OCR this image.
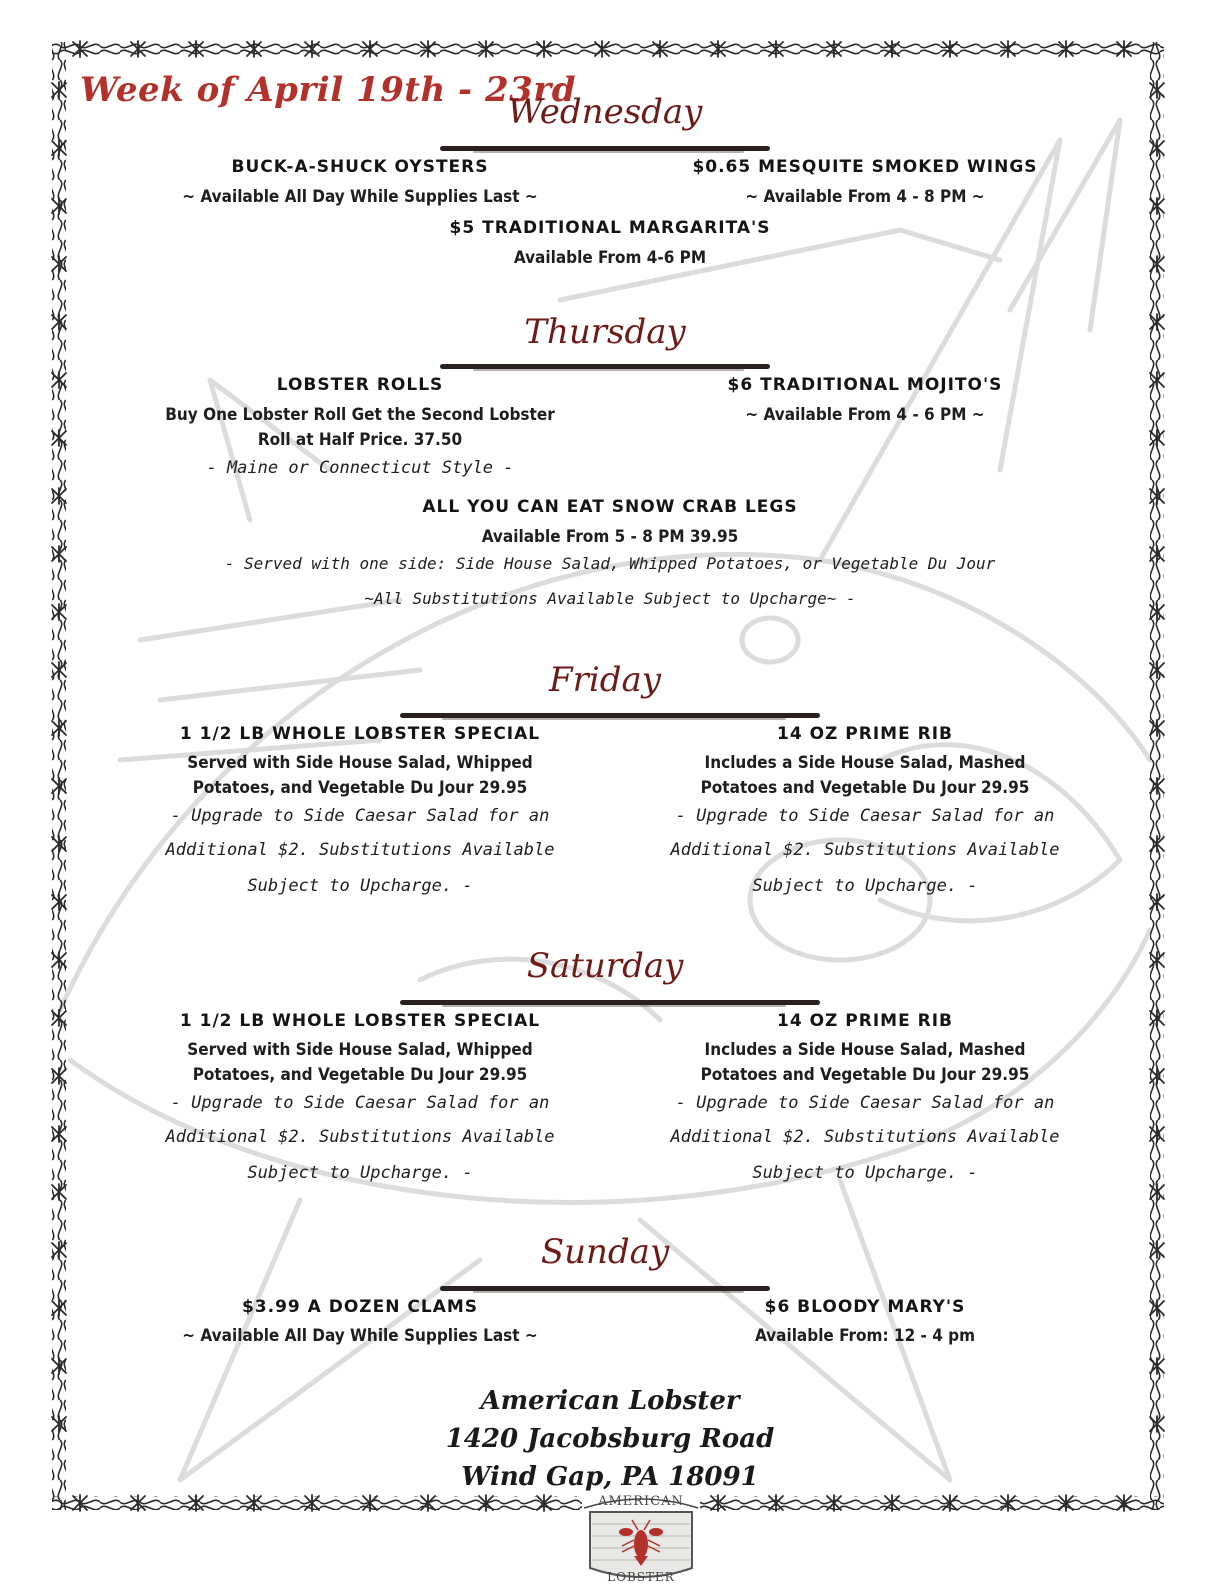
Week of April 19th - 23rd
Wednesday
BUCK-A-SHUCK OYSTERS
~ Available All Day While Supplies Last ~
$0.65 MESQUITE SMOKED WINGS
~ Available From 4 - 8 PM ~
$5 TRADITIONAL MARGARITA'S
Available From 4-6 PM
Thursday
LOBSTER ROLLS
Buy One Lobster Roll Get the Second Lobster
Roll at Half Price. 37.50
- Maine or Connecticut Style -
$6 TRADITIONAL MOJITO'S
~ Available From 4 - 6 PM ~
ALL YOU CAN EAT SNOW CRAB LEGS
Available From 5 - 8 PM 39.95
- Served with one side: Side House Salad, Whipped Potatoes, or Vegetable Du Jour
~All Substitutions Available Subject to Upcharge~ -
Friday
1 1/2 LB WHOLE LOBSTER SPECIAL
Served with Side House Salad, Whipped
Potatoes, and Vegetable Du Jour 29.95
- Upgrade to Side Caesar Salad for an
Additional $2. Substitutions Available
Subject to Upcharge. -
14 OZ PRIME RIB
Includes a Side House Salad, Mashed
Potatoes and Vegetable Du Jour 29.95
- Upgrade to Side Caesar Salad for an
Additional $2. Substitutions Available
Subject to Upcharge. -
Saturday
1 1/2 LB WHOLE LOBSTER SPECIAL
Served with Side House Salad, Whipped
Potatoes, and Vegetable Du Jour 29.95
- Upgrade to Side Caesar Salad for an
Additional $2. Substitutions Available
Subject to Upcharge. -
14 OZ PRIME RIB
Includes a Side House Salad, Mashed
Potatoes and Vegetable Du Jour 29.95
- Upgrade to Side Caesar Salad for an
Additional $2. Substitutions Available
Subject to Upcharge. -
Sunday
$3.99 A DOZEN CLAMS
~ Available All Day While Supplies Last ~
$6 BLOODY MARY'S
Available From: 12 - 4 pm
American Lobster
1420 Jacobsburg Road
Wind Gap, PA 18091
AMERICAN
LOBSTER
